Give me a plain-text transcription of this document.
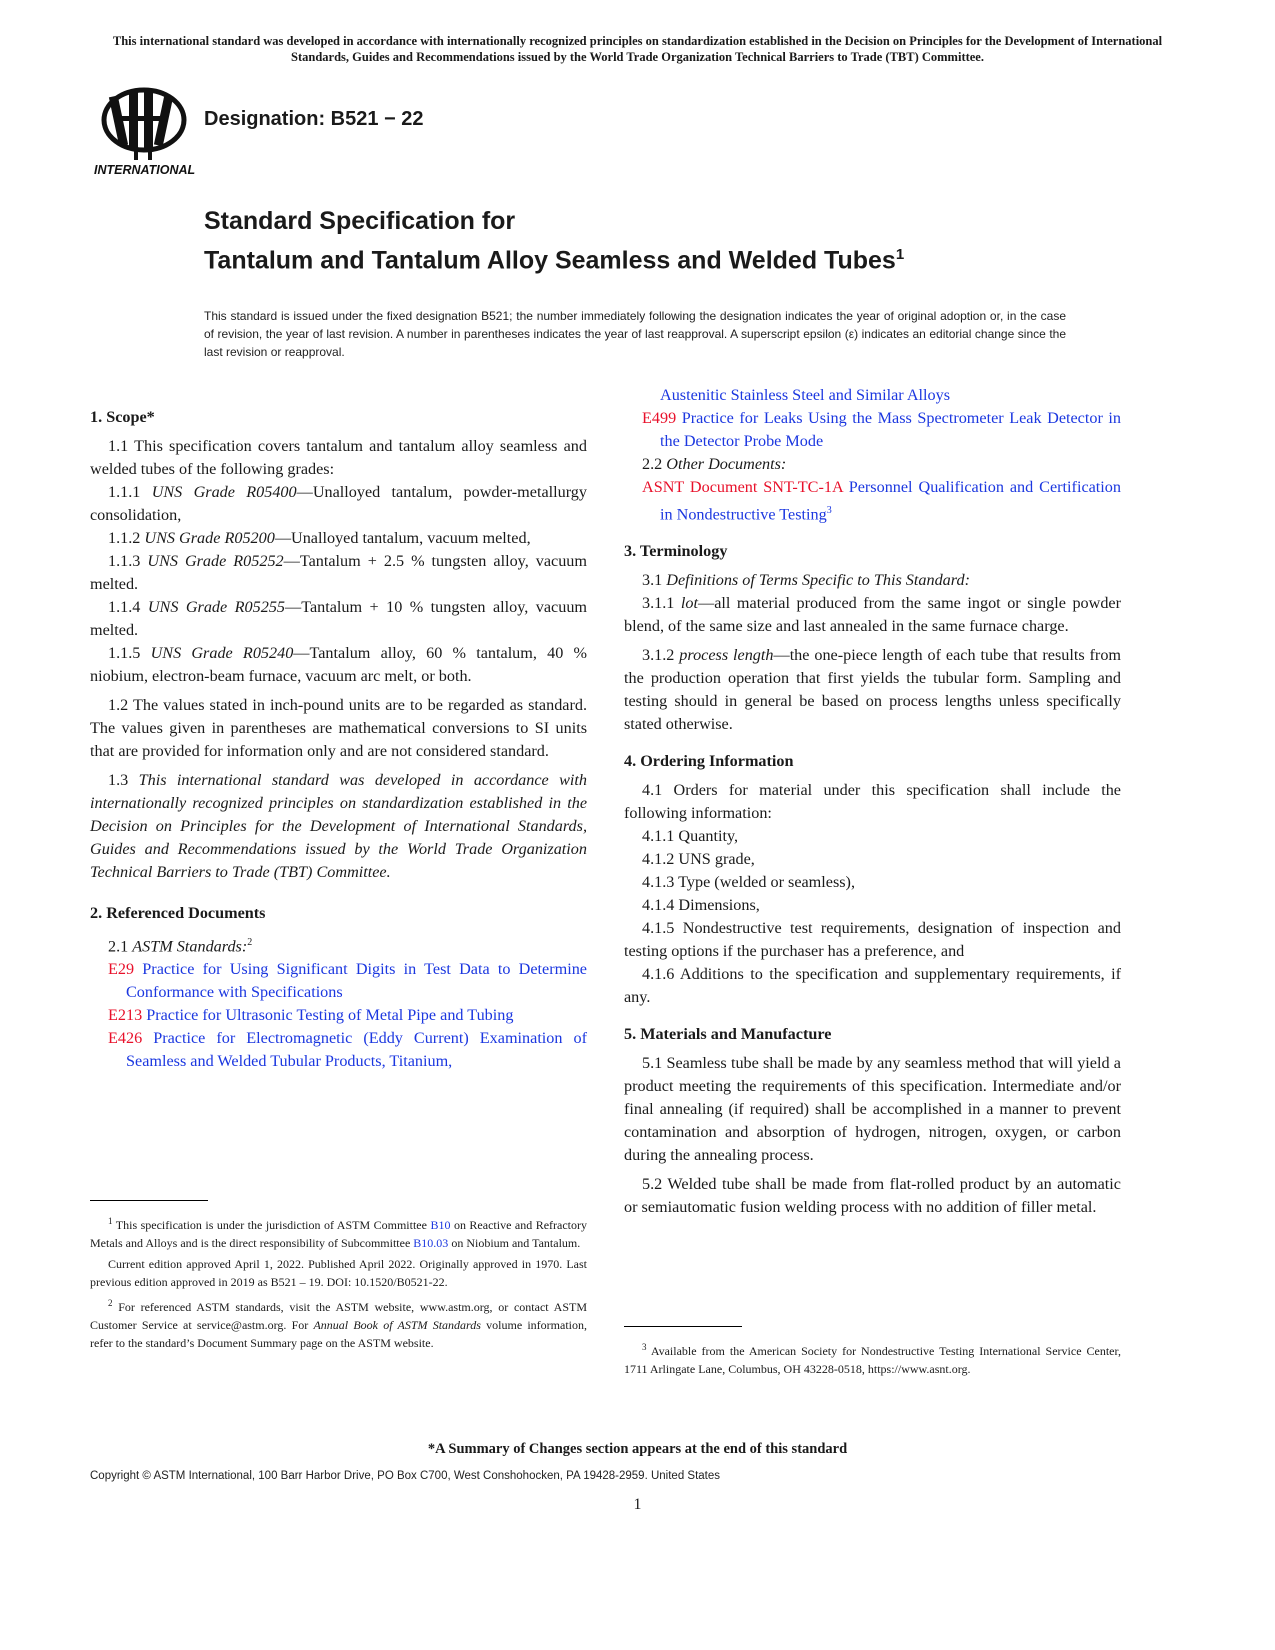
This international standard was developed in accordance with internationally recognized principles on standardization established in the Decision on Principles for the Development of International Standards, Guides and Recommendations issued by the World Trade Organization Technical Barriers to Trade (TBT) Committee.
INTERNATIONAL
Designation: B521 − 22
Standard Specification for
Tantalum and Tantalum Alloy Seamless and Welded Tubes$^1$
This standard is issued under the fixed designation B521; the number immediately following the designation indicates the year of original adoption or, in the case of revision, the year of last revision. A number in parentheses indicates the year of last reapproval. A superscript epsilon (ε) indicates an editorial change since the last revision or reapproval.

1. Scope*

1.1 This specification covers tantalum and tantalum alloy seamless and welded tubes of the following grades:

1.1.1 UNS Grade R05400—Unalloyed tantalum, powder-metallurgy consolidation,

1.1.2 UNS Grade R05200—Unalloyed tantalum, vacuum melted,

1.1.3 UNS Grade R05252—Tantalum + 2.5 % tungsten alloy, vacuum melted.

1.1.4 UNS Grade R05255—Tantalum + 10 % tungsten alloy, vacuum melted.

1.1.5 UNS Grade R05240—Tantalum alloy, 60 % tantalum, 40 % niobium, electron-beam furnace, vacuum arc melt, or both.

1.2 The values stated in inch-pound units are to be regarded as standard. The values given in parentheses are mathematical conversions to SI units that are provided for information only and are not considered standard.

1.3 This international standard was developed in accordance with internationally recognized principles on standardization established in the Decision on Principles for the Development of International Standards, Guides and Recommendations issued by the World Trade Organization Technical Barriers to Trade (TBT) Committee.

2. Referenced Documents

2.1 ASTM Standards:$^2$

E29 Practice for Using Significant Digits in Test Data to Determine Conformance with Specifications

E213 Practice for Ultrasonic Testing of Metal Pipe and Tubing

E426 Practice for Electromagnetic (Eddy Current) Examination of Seamless and Welded Tubular Products, Titanium,

$^1$ This specification is under the jurisdiction of ASTM Committee B10 on Reactive and Refractory Metals and Alloys and is the direct responsibility of Subcommittee B10.03 on Niobium and Tantalum.

Current edition approved April 1, 2022. Published April 2022. Originally approved in 1970. Last previous edition approved in 2019 as B521 – 19. DOI: 10.1520/B0521-22.

$^2$ For referenced ASTM standards, visit the ASTM website, www.astm.org, or contact ASTM Customer Service at service@astm.org. For Annual Book of ASTM Standards volume information, refer to the standard’s Document Summary page on the ASTM website.

Austenitic Stainless Steel and Similar Alloys

E499 Practice for Leaks Using the Mass Spectrometer Leak Detector in the Detector Probe Mode

2.2 Other Documents:

ASNT Document SNT-TC-1A Personnel Qualification and Certification in Nondestructive Testing$^3$

3. Terminology

3.1 Definitions of Terms Specific to This Standard:

3.1.1 lot—all material produced from the same ingot or single powder blend, of the same size and last annealed in the same furnace charge.

3.1.2 process length—the one-piece length of each tube that results from the production operation that first yields the tubular form. Sampling and testing should in general be based on process lengths unless specifically stated otherwise.

4. Ordering Information

4.1 Orders for material under this specification shall include the following information:

4.1.1 Quantity,

4.1.2 UNS grade,

4.1.3 Type (welded or seamless),

4.1.4 Dimensions,

4.1.5 Nondestructive test requirements, designation of inspection and testing options if the purchaser has a preference, and

4.1.6 Additions to the specification and supplementary requirements, if any.

5. Materials and Manufacture

5.1 Seamless tube shall be made by any seamless method that will yield a product meeting the requirements of this specification. Intermediate and/or final annealing (if required) shall be accomplished in a manner to prevent contamination and absorption of hydrogen, nitrogen, oxygen, or carbon during the annealing process.

5.2 Welded tube shall be made from flat-rolled product by an automatic or semiautomatic fusion welding process with no addition of filler metal.

$^3$ Available from the American Society for Nondestructive Testing International Service Center, 1711 Arlingate Lane, Columbus, OH 43228-0518, https://www.asnt.org.

*A Summary of Changes section appears at the end of this standard
Copyright © ASTM International, 100 Barr Harbor Drive, PO Box C700, West Conshohocken, PA 19428-2959. United States
1
